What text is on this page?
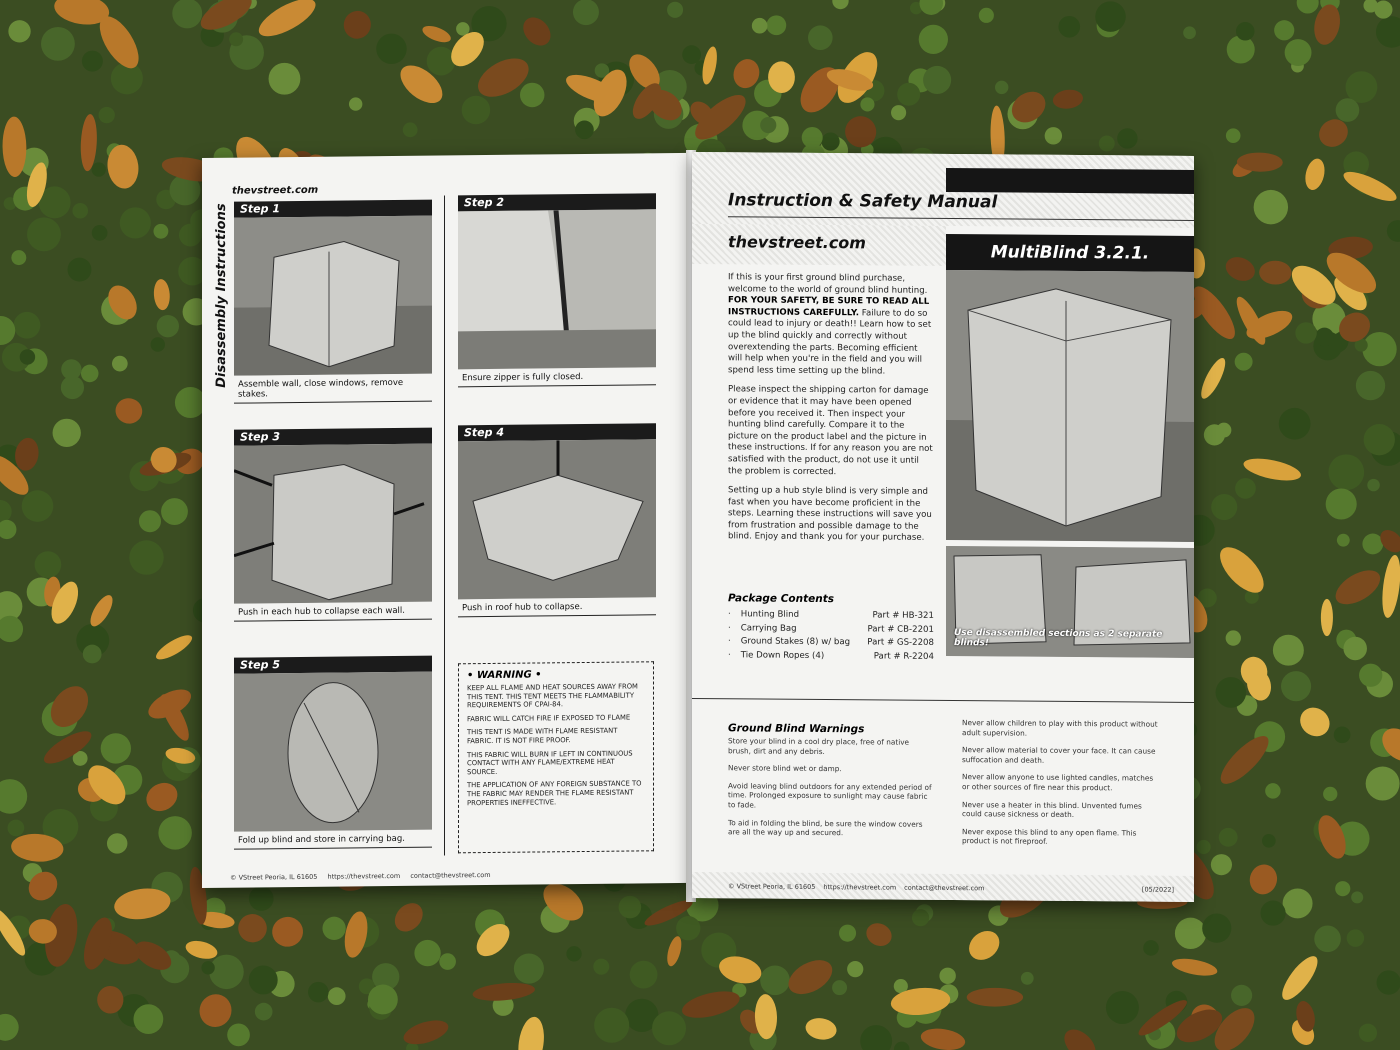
thevstreet.com
Disassembly Instructions	Step 1
Assemble wall, close windows, remove stakes.
Step 2
Ensure zipper is fully closed.
Step 3
Push in each hub to collapse each wall.
Step 4
Push in roof hub to collapse.
Step 5
Fold up blind and store in carrying bag.
• WARNING •

KEEP ALL FLAME AND HEAT SOURCES AWAY FROM THIS TENT. THIS TENT MEETS THE FLAMMABILITY REQUIREMENTS OF CPAI-84.

FABRIC WILL CATCH FIRE IF EXPOSED TO FLAME

THIS TENT IS MADE WITH FLAME RESISTANT FABRIC. IT IS NOT FIRE PROOF.

THIS FABRIC WILL BURN IF LEFT IN CONTINUOUS CONTACT WITH ANY FLAME/EXTREME HEAT SOURCE.

THE APPLICATION OF ANY FOREIGN SUBSTANCE TO THE FABRIC MAY RENDER THE FLAME RESISTANT PROPERTIES INEFFECTIVE.

© VStreet Peoria, IL 61605 https://thevstreet.com contact@thevstreet.com
Instruction & Safety Manual
thevstreet.com
MultiBlind 3.2.1.
Use disassembled sections as 2 separate blinds!

If this is your first ground blind purchase, welcome to the world of ground blind hunting. FOR YOUR SAFETY, BE SURE TO READ ALL INSTRUCTIONS CAREFULLY. Failure to do so could lead to injury or death!! Learn how to set up the blind quickly and correctly without overextending the parts. Becoming efficient will help when you're in the field and you will spend less time setting up the blind.

Please inspect the shipping carton for damage or evidence that it may have been opened before you received it. Then inspect your hunting blind carefully. Compare it to the picture on the product label and the picture in these instructions. If for any reason you are not satisfied with the product, do not use it until the problem is corrected.

Setting up a hub style blind is very simple and fast when you have become proficient in the steps. Learning these instructions will save you from frustration and possible damage to the blind. Enjoy and thank you for your purchase.

Package Contents
· Hunting Blind	Part # HB-321
· Carrying Bag	Part # CB-2201
· Ground Stakes (8) w/ bag Part # GS-2208
· Tie Down Ropes (4)	Part # R-2204
Ground Blind Warnings

Store your blind in a cool dry place, free of native brush, dirt and any debris.

Never store blind wet or damp.

Avoid leaving blind outdoors for any extended period of time. Prolonged exposure to sunlight may cause fabric to fade.

To aid in folding the blind, be sure the window covers are all the way up and secured.

Never allow children to play with this product without adult supervision.

Never allow material to cover your face. It can cause suffocation and death.

Never allow anyone to use lighted candles, matches or other sources of fire near this product.

Never use a heater in this blind. Unvented fumes could cause sickness or death.

Never expose this blind to any open flame. This product is not fireproof.

© VStreet Peoria, IL 61605 https://thevstreet.com contact@thevstreet.com	[05/2022]
